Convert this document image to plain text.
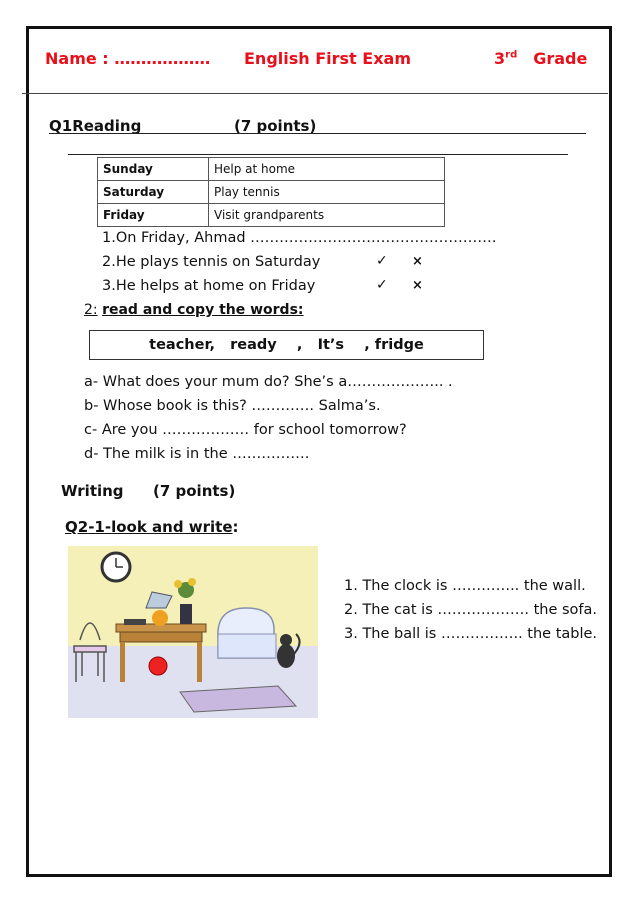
Name : ……………… English First Exam	3rd Grade
Q1Reading	(7 points)
Sunday	Help at home
Saturday	Play tennis
Friday	Visit grandparents
1.On Friday, Ahmad ……………………………………………
2.He plays tennis on Saturday	✓ ×
3.He helps at home on Friday	✓ ×
2: read and copy the words:
teacher,   ready    ,   It’s    , fridge
a- What does your mum do? She’s a……………….. .
b- Whose book is this? …………. Salma’s.
c- Are you ……………… for school tomorrow?
d- The milk is in the …………….
Writing (7 points)
Q2-1-look and write:
1. The clock is ………….. the wall.
2. The cat is ………………. the sofa.
3. The ball is …………….. the table.
